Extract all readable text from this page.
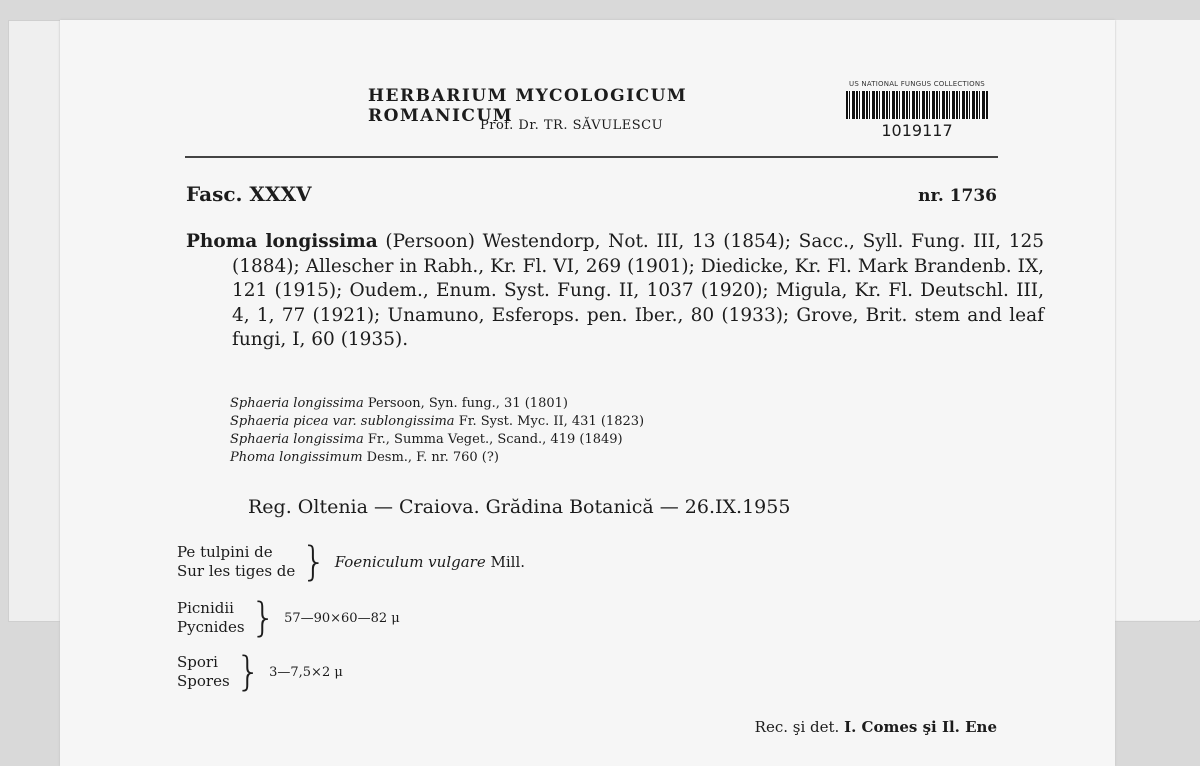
HERBARIUM MYCOLOGICUM ROMANICUM
Prof. Dr. TR. SĂVULESCU
US NATIONAL FUNGUS COLLECTIONS
1019117
Fasc. XXXV	nr. 1736
Phoma longissima (Persoon) Westendorp, Not. III, 13 (1854); Sacc., Syll. Fung. III, 125 (1884); Allescher in Rabh., Kr. Fl. VI, 269 (1901); Diedicke, Kr. Fl. Mark Brandenb. IX, 121 (1915); Oudem., Enum. Syst. Fung. II, 1037 (1920); Migula, Kr. Fl. Deutschl. III, 4, 1, 77 (1921); Unamuno, Esferops. pen. Iber., 80 (1933); Grove, Brit. stem and leaf fungi, I, 60 (1935).
Sphaeria longissima Persoon, Syn. fung., 31 (1801)
Sphaeria picea var. sublongissima Fr. Syst. Myc. II, 431 (1823)
Sphaeria longissima Fr., Summa Veget., Scand., 419 (1849)
Phoma longissimum Desm., F. nr. 760 (?)
Reg. Oltenia — Craiova. Grădina Botanică — 26.IX.1955
Pe tulpini de
Sur les tiges de } Foeniculum vulgare Mill.
Picnidii
Pycnides } 57—90×60—82 μ
Spori
Spores } 3—7,5×2 μ
Rec. şi det. I. Comes şi Il. Ene
